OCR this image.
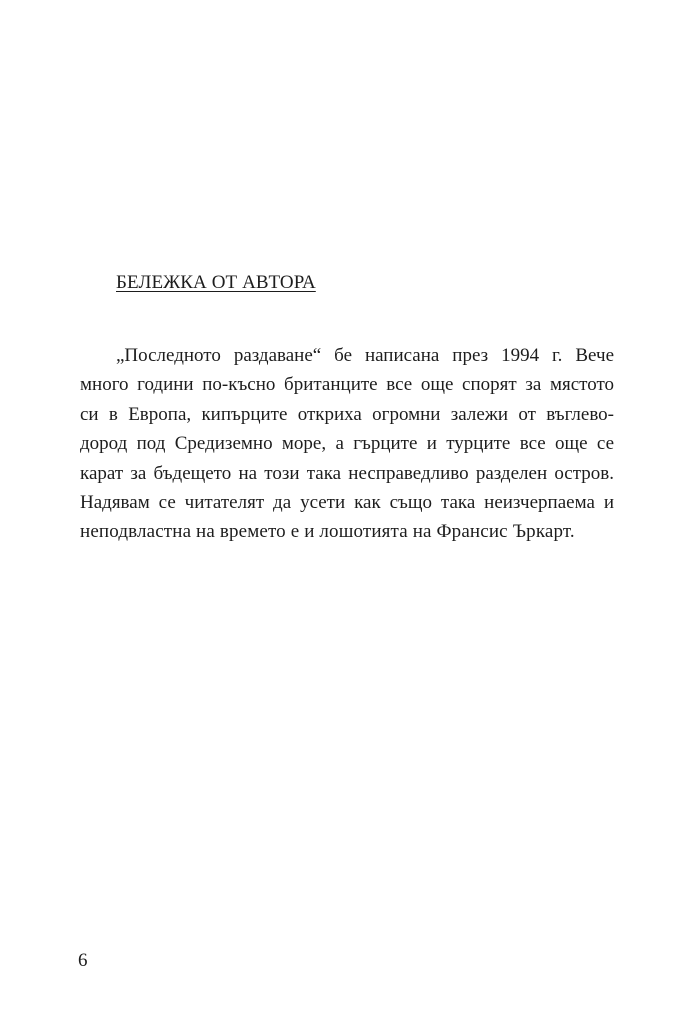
БЕЛЕЖКА ОТ АВТОРА
„Последното раздаване“ бе написана през 1994 г. Вече
много години по-късно британците все още спорят за мястото
си в Европа, кипърците откриха огромни залежи от въглево-
дород под Средиземно море, а гърците и турците все още се
карат за бъдещето на този така несправедливо разделен остров.
Надявам се читателят да усети как също така неизчерпаема и
неподвластна на времето е и лошотията на Франсис Ъркарт.
6
